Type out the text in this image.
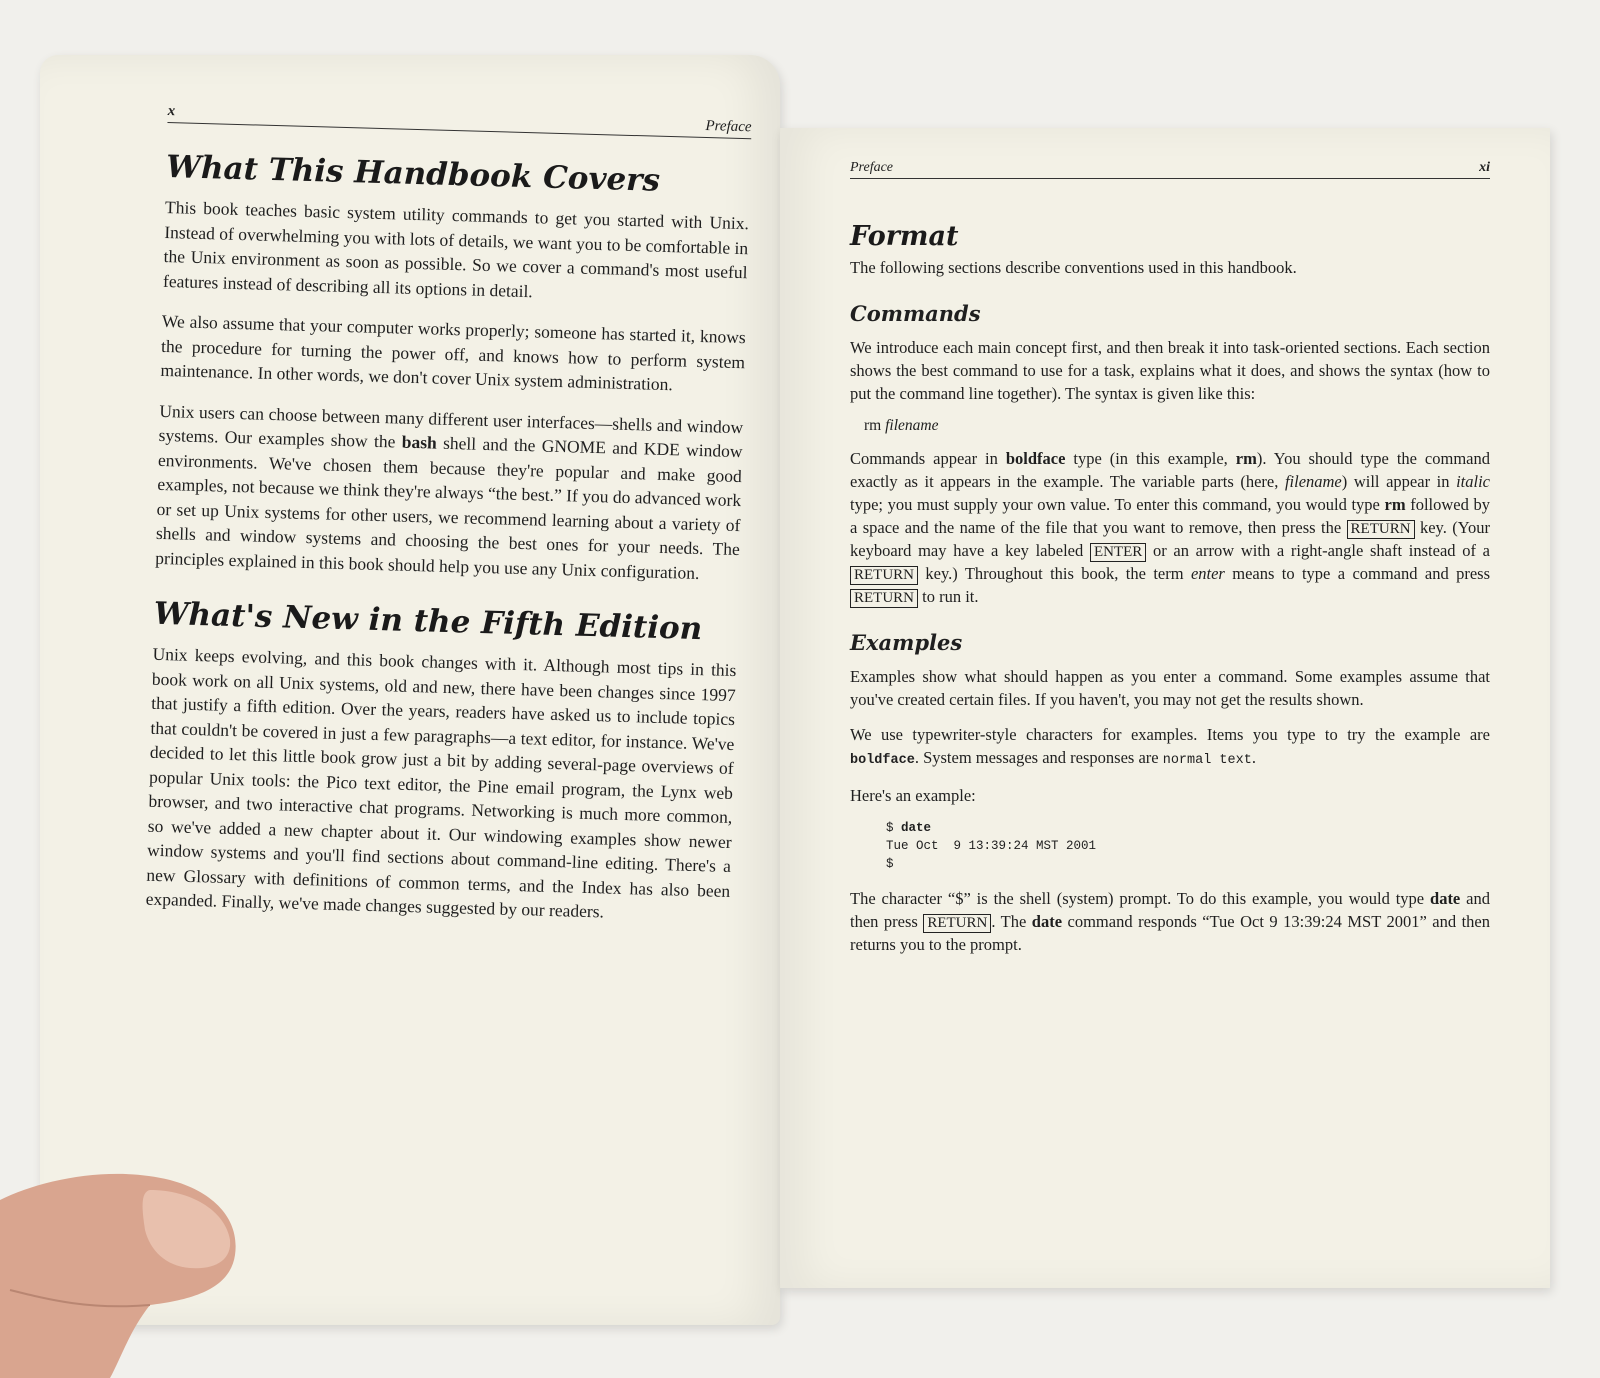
x
Preface
What This Handbook Covers

This book teaches basic system utility commands to get you started with Unix. Instead of overwhelming you with lots of details, we want you to be comfortable in the Unix environment as soon as possible. So we cover a command's most useful features instead of describing all its options in detail.

We also assume that your computer works properly; someone has started it, knows the procedure for turning the power off, and knows how to perform system maintenance. In other words, we don't cover Unix system administration.

Unix users can choose between many different user interfaces—shells and window systems. Our examples show the bash shell and the GNOME and KDE window environments. We've chosen them because they're popular and make good examples, not because we think they're always “the best.” If you do advanced work or set up Unix systems for other users, we recommend learning about a variety of shells and window systems and choosing the best ones for your needs. The principles explained in this book should help you use any Unix configuration.

What's New in the Fifth Edition

Unix keeps evolving, and this book changes with it. Although most tips in this book work on all Unix systems, old and new, there have been changes since 1997 that justify a fifth edition. Over the years, readers have asked us to include topics that couldn't be covered in just a few paragraphs—a text editor, for instance. We've decided to let this little book grow just a bit by adding several-page overviews of popular Unix tools: the Pico text editor, the Pine email program, the Lynx web browser, and two interactive chat programs. Networking is much more common, so we've added a new chapter about it. Our windowing examples show newer window systems and you'll find sections about command-line editing. There's a new Glossary with definitions of common terms, and the Index has also been expanded. Finally, we've made changes suggested by our readers.

Preface	xi
Format

The following sections describe conventions used in this handbook.

Commands

We introduce each main concept first, and then break it into task-oriented sections. Each section shows the best command to use for a task, explains what it does, and shows the syntax (how to put the command line together). The syntax is given like this:

rm filename

Commands appear in boldface type (in this example, rm). You should type the command exactly as it appears in the example. The variable parts (here, filename) will appear in italic type; you must supply your own value. To enter this command, you would type rm followed by a space and the name of the file that you want to remove, then press the RETURN key. (Your keyboard may have a key labeled ENTER or an arrow with a right-angle shaft instead of a RETURN key.) Throughout this book, the term enter means to type a command and press RETURN to run it.

Examples

Examples show what should happen as you enter a command. Some examples assume that you've created certain files. If you haven't, you may not get the results shown.

We use typewriter-style characters for examples. Items you type to try the example are boldface. System messages and responses are normal text.

Here's an example:

$ date
Tue Oct  9 13:39:24 MST 2001
$

The character “$” is the shell (system) prompt. To do this example, you would type date and then press RETURN . The date command responds “Tue Oct 9 13:39:24 MST 2001” and then returns you to the prompt.
